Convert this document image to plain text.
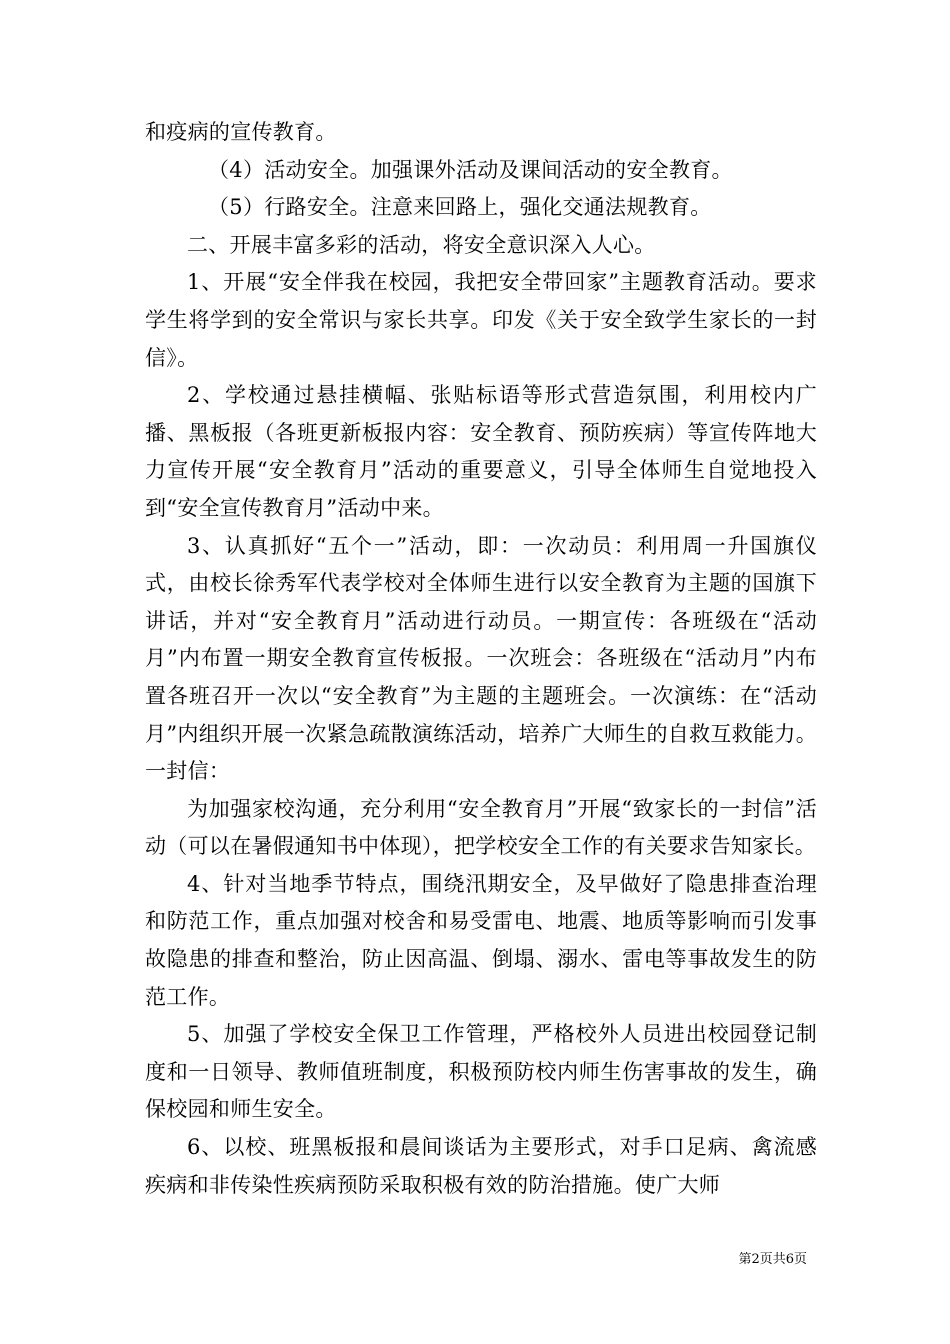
和疫病的宣传教育。

（4）活动安全。加强课外活动及课间活动的安全教育。

（5）行路安全。注意来回路上，强化交通法规教育。

二、开展丰富多彩的活动，将安全意识深入人心。

1、开展“安全伴我在校园，我把安全带回家”主题教育活动。要求学生将学到的安全常识与家长共享。印发《关于安全致学生家长的一封信》。

2、学校通过悬挂横幅、张贴标语等形式营造氛围，利用校内广播、黑板报（各班更新板报内容：安全教育、预防疾病）等宣传阵地大力宣传开展“安全教育月”活动的重要意义，引导全体师生自觉地投入到“安全宣传教育月”活动中来。

3、认真抓好“五个一”活动，即：一次动员：利用周一升国旗仪式，由校长徐秀军代表学校对全体师生进行以安全教育为主题的国旗下讲话，并对“安全教育月”活动进行动员。一期宣传：各班级在“活动月”内布置一期安全教育宣传板报。一次班会：各班级在“活动月”内布置各班召开一次以“安全教育”为主题的主题班会。一次演练：在“活动月”内组织开展一次紧急疏散演练活动，培养广大师生的自救互救能力。一封信：

为加强家校沟通，充分利用“安全教育月”开展“致家长的一封信”活动（可以在暑假通知书中体现），把学校安全工作的有关要求告知家长。

4、针对当地季节特点，围绕汛期安全，及早做好了隐患排查治理和防范工作，重点加强对校舍和易受雷电、地震、地质等影响而引发事故隐患的排查和整治，防止因高温、倒塌、溺水、雷电等事故发生的防范工作。

5、加强了学校安全保卫工作管理，严格校外人员进出校园登记制度和一日领导、教师值班制度，积极预防校内师生伤害事故的发生，确保校园和师生安全。

6、以校、班黑板报和晨间谈话为主要形式，对手口足病、禽流感疾病和非传染性疾病预防采取积极有效的防治措施。使广大师

第2页共6页
